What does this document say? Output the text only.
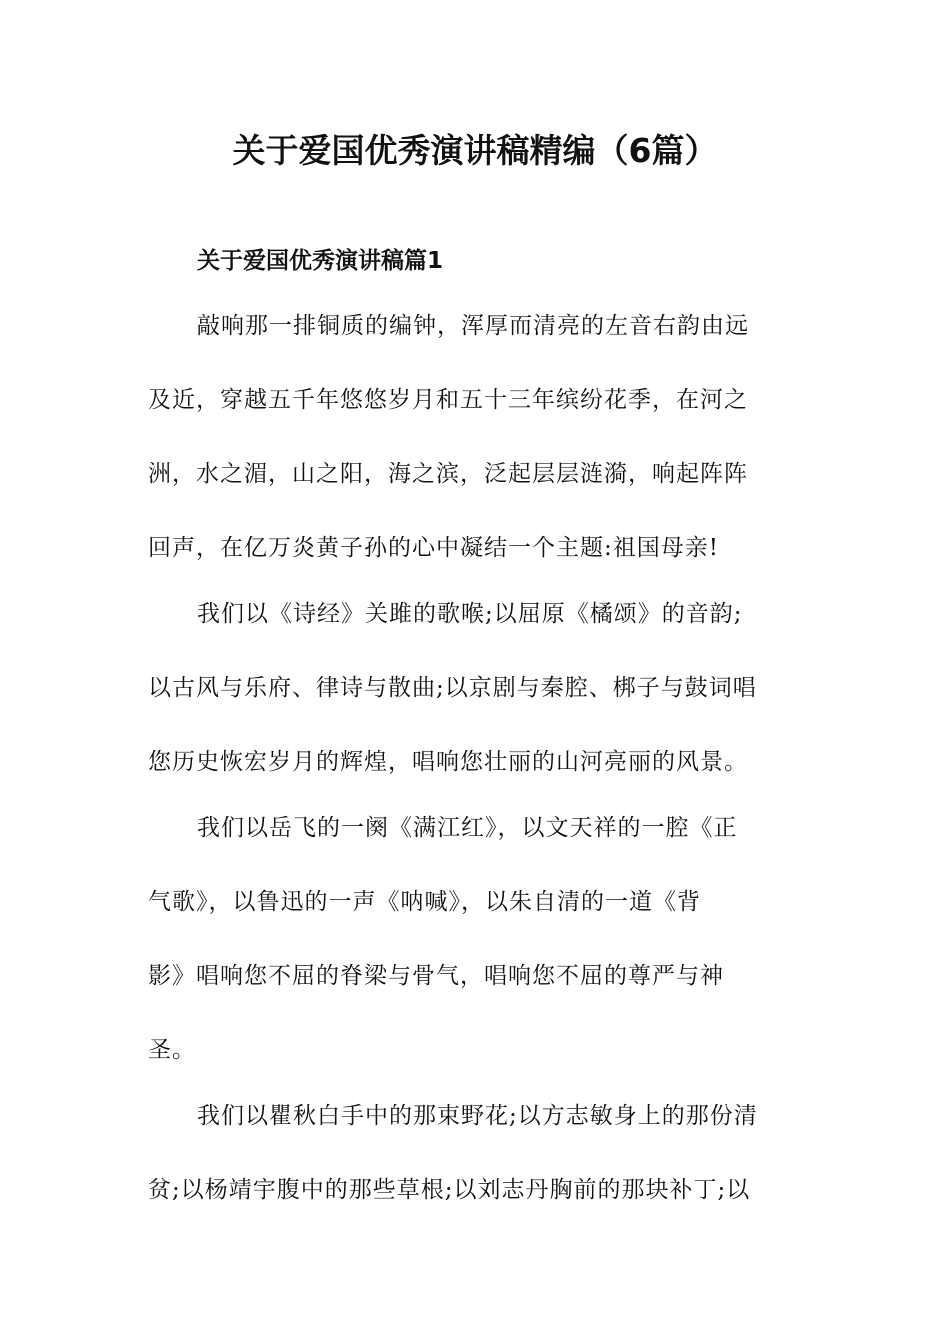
关于爱国优秀演讲稿精编（6篇）
关于爱国优秀演讲稿篇1

敲响那一排铜质的编钟，浑厚而清亮的左音右韵由远

及近，穿越五千年悠悠岁月和五十三年缤纷花季，在河之

洲，水之湄，山之阳，海之滨，泛起层层涟漪，响起阵阵

回声，在亿万炎黄子孙的心中凝结一个主题:祖国母亲!

我们以《诗经》关雎的歌喉;以屈原《橘颂》的音韵;

以古风与乐府、律诗与散曲;以京剧与秦腔、梆子与鼓词唱

您历史恢宏岁月的辉煌，唱响您壮丽的山河亮丽的风景。

我们以岳飞的一阕《满江红》，以文天祥的一腔《正

气歌》，以鲁迅的一声《呐喊》，以朱自清的一道《背

影》唱响您不屈的脊梁与骨气，唱响您不屈的尊严与神

圣。

我们以瞿秋白手中的那束野花;以方志敏身上的那份清

贫;以杨靖宇腹中的那些草根;以刘志丹胸前的那块补丁;以
